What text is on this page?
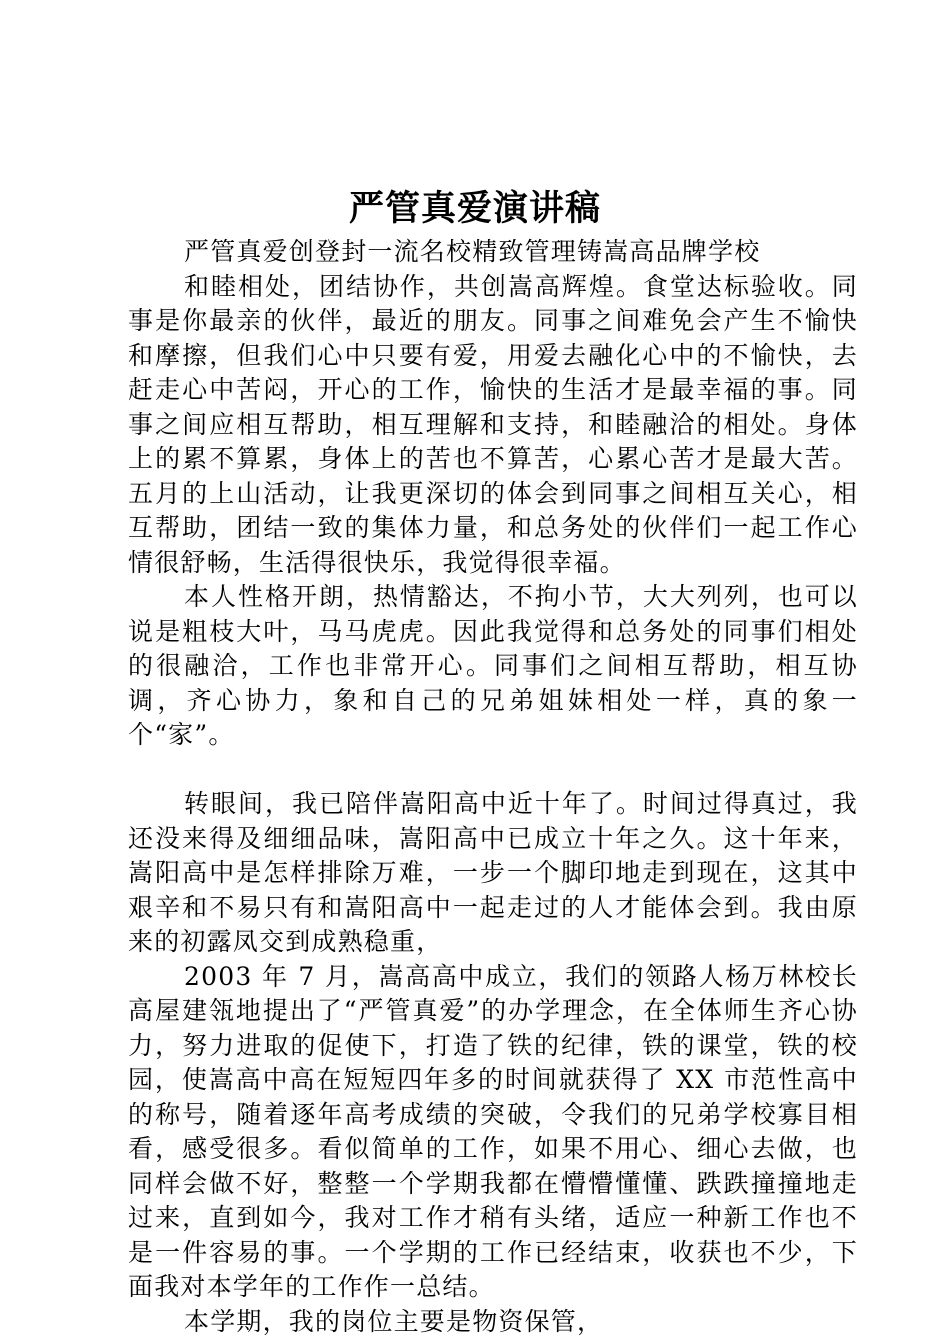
严管真爱演讲稿

严管真爱创登封一流名校精致管理铸嵩高品牌学校

和睦相处，团结协作，共创嵩高辉煌。食堂达标验收。同事是你最亲的伙伴，最近的朋友。同事之间难免会产生不愉快和摩擦，但我们心中只要有爱，用爱去融化心中的不愉快，去赶走心中苦闷，开心的工作，愉快的生活才是最幸福的事。同事之间应相互帮助，相互理解和支持，和睦融洽的相处。身体上的累不算累，身体上的苦也不算苦，心累心苦才是最大苦。五月的上山活动，让我更深切的体会到同事之间相互关心，相互帮助，团结一致的集体力量，和总务处的伙伴们一起工作心情很舒畅，生活得很快乐，我觉得很幸福。

本人性格开朗，热情豁达，不拘小节，大大列列，也可以说是粗枝大叶，马马虎虎。因此我觉得和总务处的同事们相处的很融洽，工作也非常开心。同事们之间相互帮助，相互协调，齐心协力，象和自己的兄弟姐妹相处一样，真的象一个“家”。

转眼间，我已陪伴嵩阳高中近十年了。时间过得真过，我还没来得及细细品味，嵩阳高中已成立十年之久。这十年来，嵩阳高中是怎样排除万难，一步一个脚印地走到现在，这其中艰辛和不易只有和嵩阳高中一起走过的人才能体会到。我由原来的初露凤交到成熟稳重，

2003 年 7 月，嵩高高中成立，我们的领路人杨万林校长高屋建瓴地提出了“严管真爱”的办学理念，在全体师生齐心协力，努力进取的促使下，打造了铁的纪律，铁的课堂，铁的校园，使嵩高中高在短短四年多的时间就获得了 XX 市范性高中的称号，随着逐年高考成绩的突破，令我们的兄弟学校寡目相看，感受很多。看似简单的工作，如果不用心、细心去做，也同样会做不好，整整一个学期我都在懵懵懂懂、跌跌撞撞地走过来，直到如今，我对工作才稍有头绪，适应一种新工作也不是一件容易的事。一个学期的工作已经结束，收获也不少，下面我对本学年的工作作一总结。

本学期，我的岗位主要是物资保管，
